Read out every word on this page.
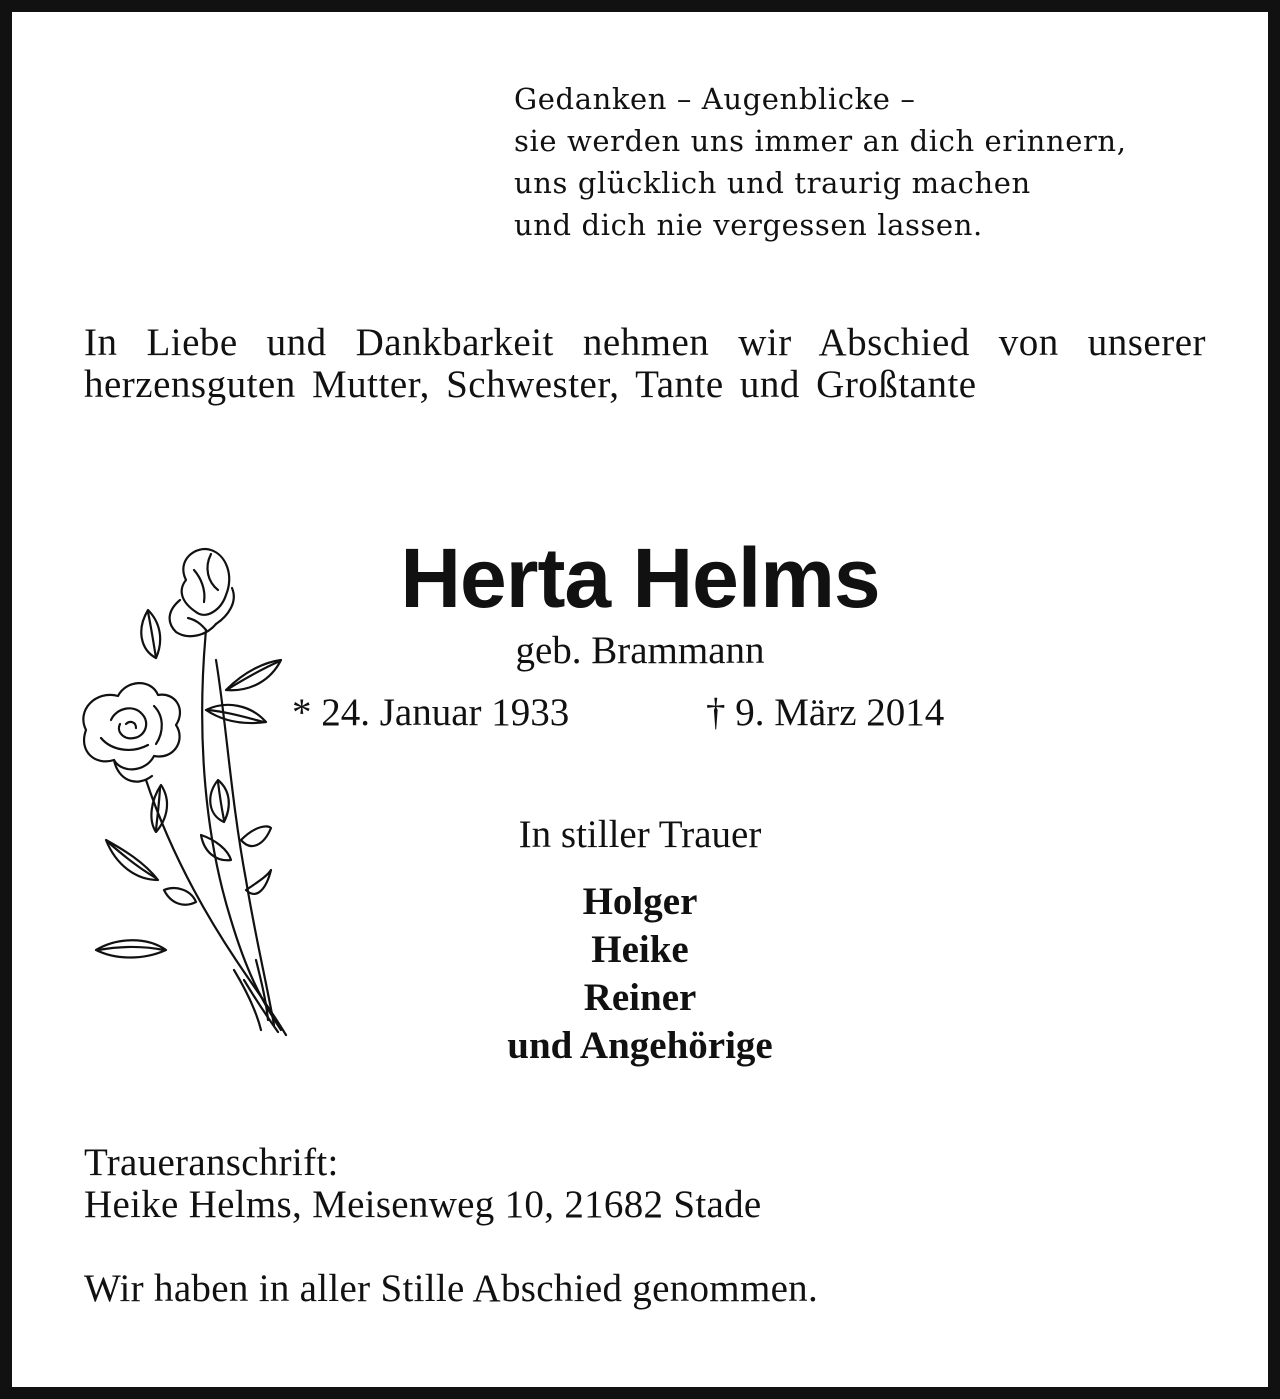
Gedanken – Augenblicke –
sie werden uns immer an dich erinnern,
uns glücklich und traurig machen
und dich nie vergessen lassen.
In Liebe und Dankbarkeit nehmen wir Abschied von unserer herzensguten Mutter, Schwester, Tante und Großtante
Herta Helms
geb. Brammann
* 24. Januar 1933	† 9. März 2014
In stiller Trauer
Holger
Heike
Reiner
und Angehörige
Traueranschrift:
Heike Helms, Meisenweg 10, 21682 Stade
Wir haben in aller Stille Abschied genommen.
